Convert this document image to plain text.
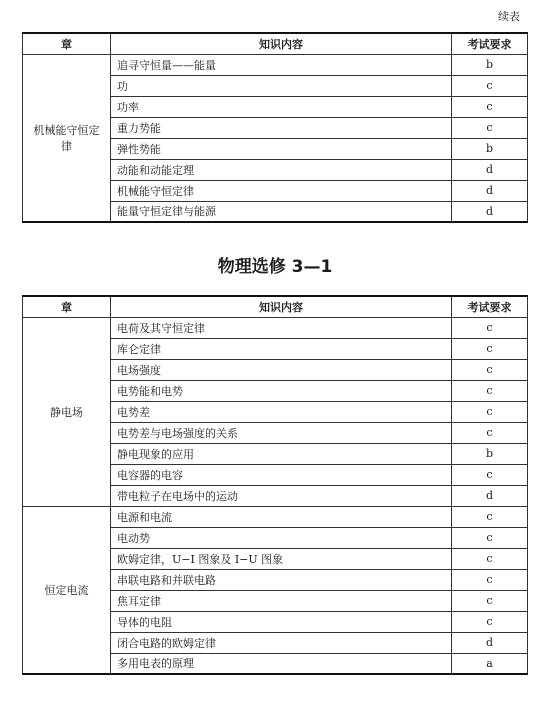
续表
章	知识内容	考试要求
机械能守恒定律	追寻守恒量——能量	b
	功	c
	功率	c
	重力势能	c
	弹性势能	b
	动能和动能定理	d
	机械能守恒定律	d
	能量守恒定律与能源	d
物理选修 3—1
章	知识内容	考试要求
静电场	电荷及其守恒定律	c
	库仑定律	c
	电场强度	c
	电势能和电势	c
	电势差	c
	电势差与电场强度的关系	c
	静电现象的应用	b
	电容器的电容	c
	带电粒子在电场中的运动	d
恒定电流	电源和电流	c
	电动势	c
	欧姆定律，U−I 图象及 I−U 图象	c
	串联电路和并联电路	c
	焦耳定律	c
	导体的电阻	c
	闭合电路的欧姆定律	d
	多用电表的原理	a
